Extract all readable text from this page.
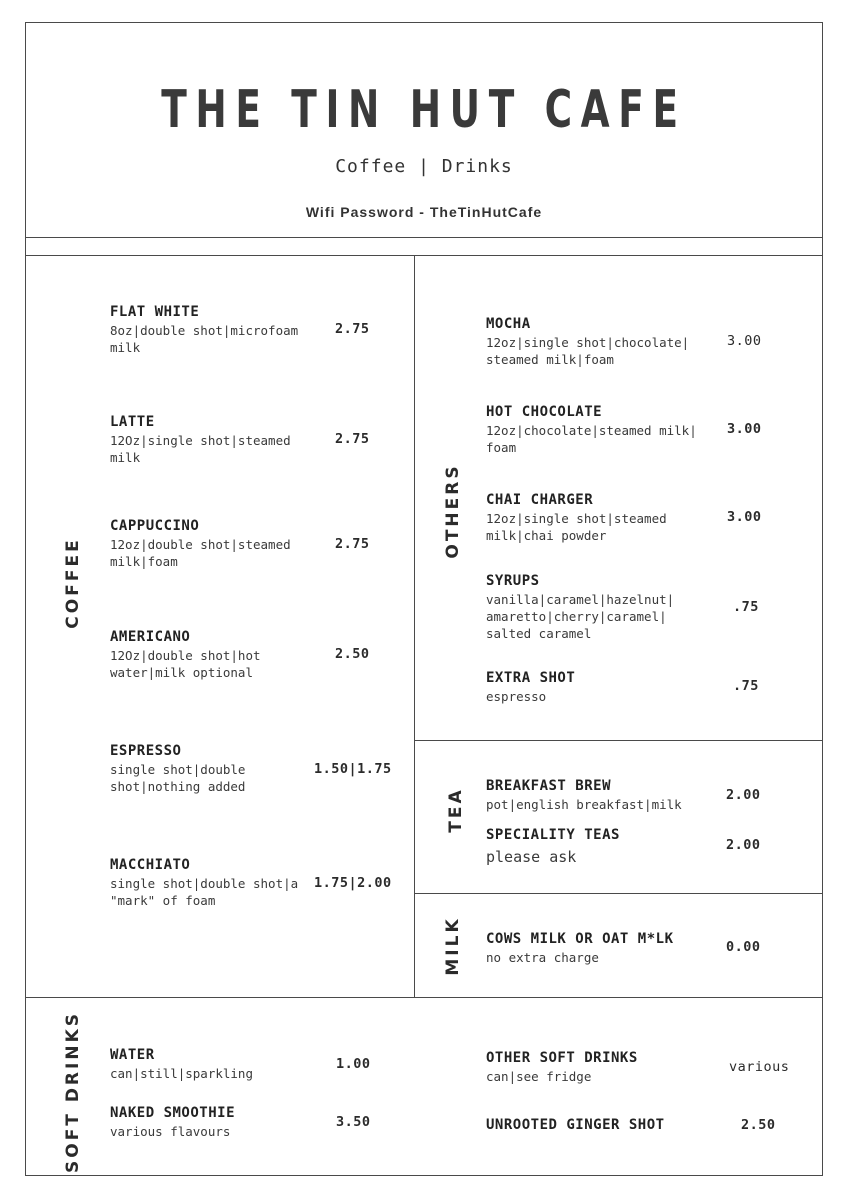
THE TIN HUT CAFE
Coffee | Drinks
Wifi Password - TheTinHutCafe
COFFEE
OTHERS
TEA
MILK
SOFT DRINKS
FLAT WHITE
8oz|double shot|microfoam milk
2.75
LATTE
12Oz|single shot|steamed milk
2.75
CAPPUCCINO
12oz|double shot|steamed milk|foam
2.75
AMERICANO
12Oz|double shot|hot water|milk optional
2.50
ESPRESSO
single shot|double shot|nothing added
1.50|1.75
MACCHIATO
single shot|double shot|a "mark" of foam
1.75|2.00
MOCHA
12oz|single shot|chocolate| steamed milk|foam
3.00
HOT CHOCOLATE
12oz|chocolate|steamed milk| foam
3.00
CHAI CHARGER
12oz|single shot|steamed milk|chai powder
3.00
SYRUPS
vanilla|caramel|hazelnut| amaretto|cherry|caramel| salted caramel
.75
EXTRA SHOT
espresso
.75
BREAKFAST BREW
pot|english breakfast|milk
2.00
SPECIALITY TEAS
please ask
2.00
COWS MILK OR OAT M*LK
no extra charge
0.00
WATER
can|still|sparkling
1.00
NAKED SMOOTHIE
various flavours
3.50
OTHER SOFT DRINKS
can|see fridge
various
UNROOTED GINGER SHOT	2.50
